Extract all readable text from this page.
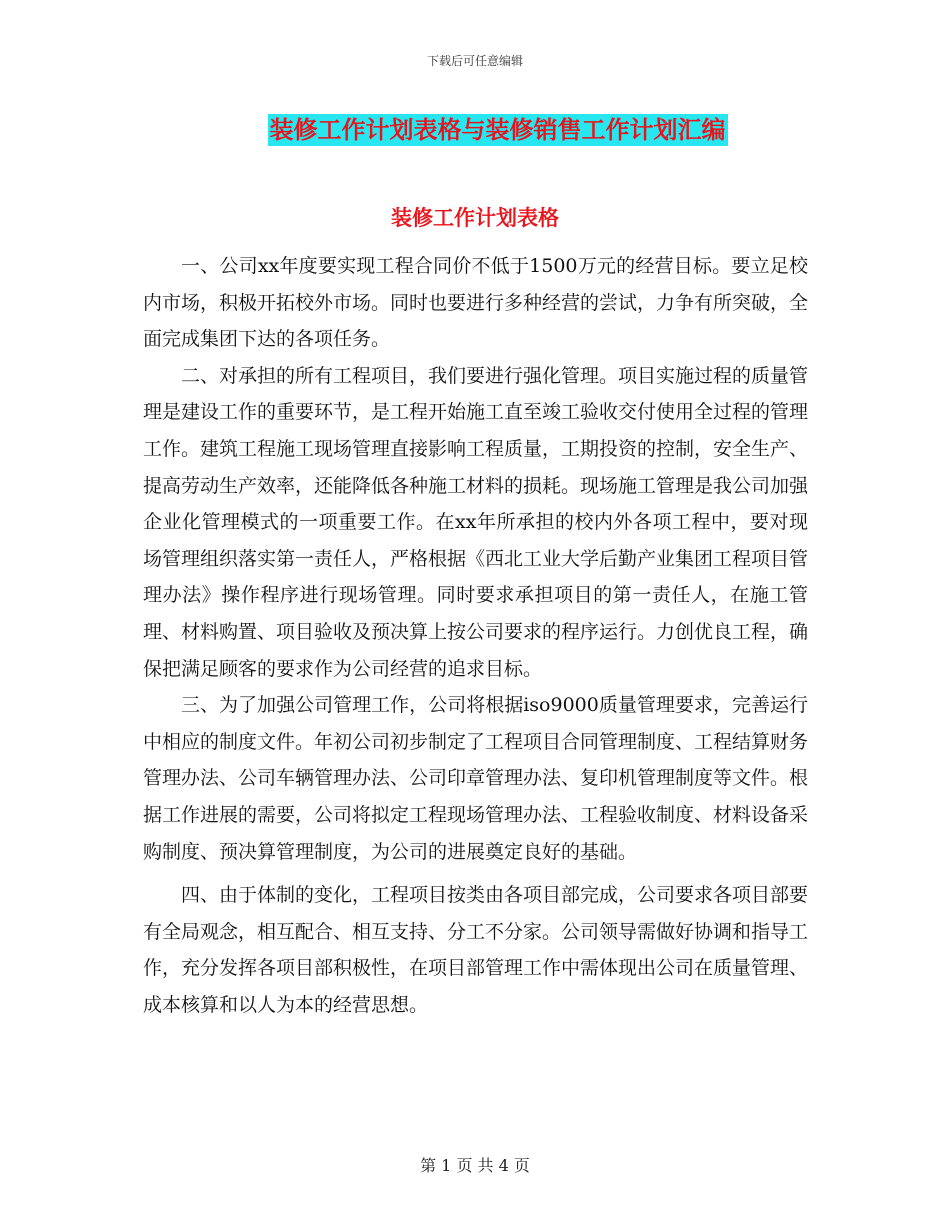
下载后可任意编辑
装修工作计划表格与装修销售工作计划汇编
装修工作计划表格

一、公司xx年度要实现工程合同价不低于1500万元的经营目标。要立足校内市场，积极开拓校外市场。同时也要进行多种经营的尝试，力争有所突破，全面完成集团下达的各项任务。

二、对承担的所有工程项目，我们要进行强化管理。项目实施过程的质量管理是建设工作的重要环节，是工程开始施工直至竣工验收交付使用全过程的管理工作。建筑工程施工现场管理直接影响工程质量，工期投资的控制，安全生产、提高劳动生产效率，还能降低各种施工材料的损耗。现场施工管理是我公司加强企业化管理模式的一项重要工作。在xx年所承担的校内外各项工程中，要对现场管理组织落实第一责任人，严格根据《西北工业大学后勤产业集团工程项目管理办法》操作程序进行现场管理。同时要求承担项目的第一责任人，在施工管理、材料购置、项目验收及预决算上按公司要求的程序运行。力创优良工程，确保把满足顾客的要求作为公司经营的追求目标。

三、为了加强公司管理工作，公司将根据iso9000质量管理要求，完善运行中相应的制度文件。年初公司初步制定了工程项目合同管理制度、工程结算财务管理办法、公司车辆管理办法、公司印章管理办法、复印机管理制度等文件。根据工作进展的需要，公司将拟定工程现场管理办法、工程验收制度、材料设备采购制度、预决算管理制度，为公司的进展奠定良好的基础。

四、由于体制的变化，工程项目按类由各项目部完成，公司要求各项目部要有全局观念，相互配合、相互支持、分工不分家。公司领导需做好协调和指导工作，充分发挥各项目部积极性，在项目部管理工作中需体现出公司在质量管理、成本核算和以人为本的经营思想。

第 1 页 共 4 页
